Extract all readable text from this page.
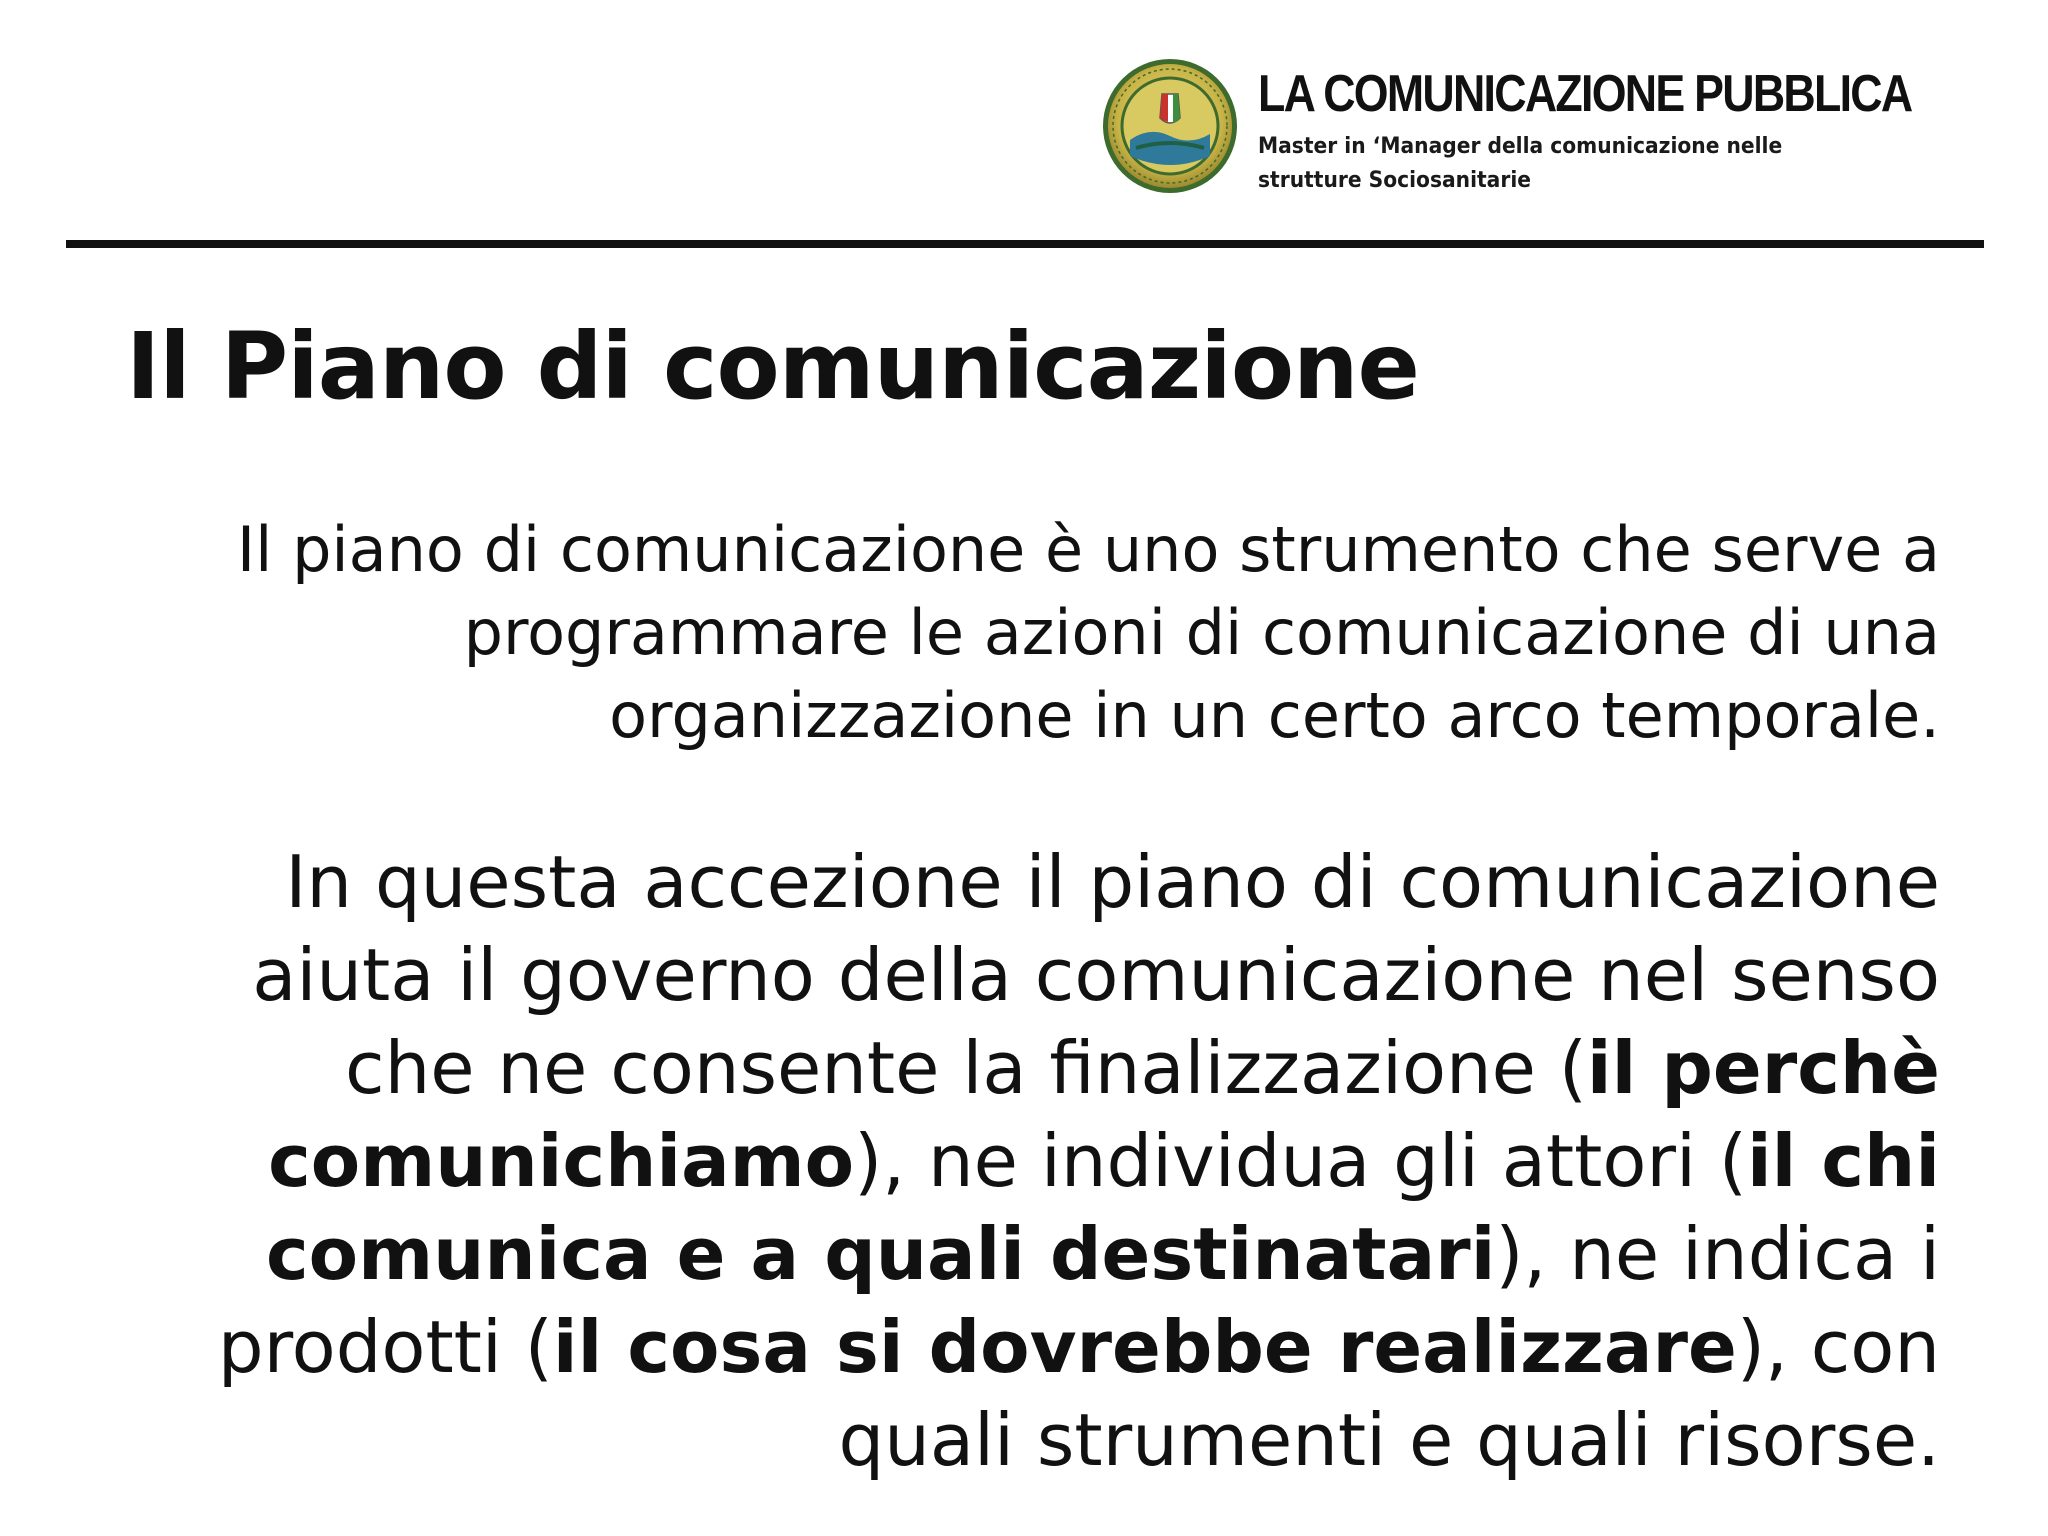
LA COMUNICAZIONE PUBBLICA
Master in ‘Manager della comunicazione nelle
strutture Sociosanitarie
Il Piano di comunicazione
Il piano di comunicazione è uno strumento che serve a
programmare le azioni di comunicazione di una
organizzazione in un certo arco temporale.
In questa accezione il piano di comunicazione
aiuta il governo della comunicazione nel senso
che ne consente la finalizzazione (il perchè
comunichiamo), ne individua gli attori (il chi
comunica e a quali destinatari), ne indica i
prodotti (il cosa si dovrebbe realizzare), con
quali strumenti e quali risorse.
